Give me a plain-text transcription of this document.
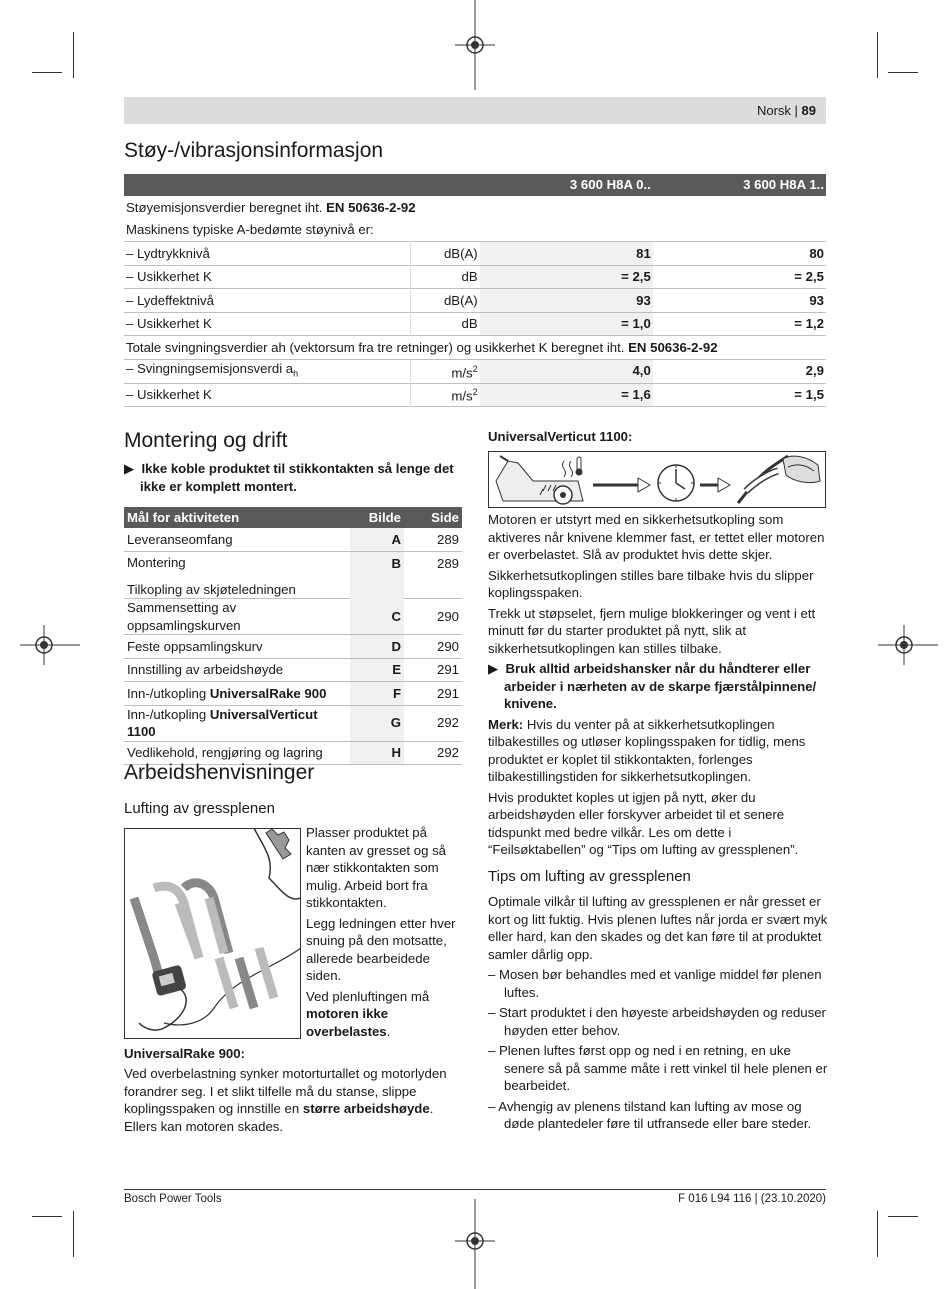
Norsk | 89
Støy-/vibrasjonsinformasjon
		3 600 H8A 0..	3 600 H8A 1..
Støyemisjonsverdier beregnet iht. EN 50636-2-92			
Maskinens typiske A-bedømte støynivå er:			
– Lydtrykknivå	dB(A)	81	80
– Usikkerhet K	dB	= 2,5	= 2,5
– Lydeffektnivå	dB(A)	93	93
– Usikkerhet K	dB	= 1,0	= 1,2
Totale svingningsverdier ah (vektorsum fra tre retninger) og usikkerhet K beregnet iht. EN 50636-2-92			
– Svingningsemisjonsverdi $a_h$	$m/s^2$	4,0	2,9
– Usikkerhet K	$m/s^2$	= 1,6	= 1,5
Montering og drift
▶ Ikke koble produktet til stikkontakten så lenge det ikke er komplett montert.
Mål for aktiviteten	Bilde	Side
Leveranseomfang	A	289
Montering	B	289
Tilkopling av skjøteledningen		
Sammensetting av oppsamlingskurven	C	290
Feste oppsamlingskurv	D	290
Innstilling av arbeidshøyde	E	291
Inn-/utkopling UniversalRake 900	F	291
Inn-/utkopling UniversalVerticut 1100	G	292
Vedlikehold, rengjøring og lagring	H	292
Arbeidshenvisninger
Lufting av gressplenen

Plasser produktet på kanten av gresset og så nær stikkontakten som mulig. Arbeid bort fra stikkontakten.

Legg ledningen etter hver snuing på den motsatte, allerede bearbeidede siden.

Ved plenluftingen må motoren ikke overbelastes.

UniversalRake 900:
Ved overbelastning synker motorturtallet og motorlyden forandrer seg. I et slikt tilfelle må du stanse, slippe koplingsspaken og innstille en større arbeidshøyde. Ellers kan motoren skades.
UniversalVerticut 1100:

Motoren er utstyrt med en sikkerhetsutkopling som aktiveres når knivene klemmer fast, er tettet eller motoren er overbelastet. Slå av produktet hvis dette skjer.

Sikkerhetsutkoplingen stilles bare tilbake hvis du slipper koplingsspaken.

Trekk ut støpselet, fjern mulige blokkeringer og vent i ett minutt før du starter produktet på nytt, slik at sikkerhetsutkoplingen kan stilles tilbake.

▶ Bruk alltid arbeidshansker når du håndterer eller arbeider i nærheten av de skarpe fjærstålpinnene/ knivene.

Merk: Hvis du venter på at sikkerhetsutkoplingen tilbakestilles og utløser koplingsspaken for tidlig, mens produktet er koplet til stikkontakten, forlenges tilbakestillingstiden for sikkerhetsutkoplingen.

Hvis produktet koples ut igjen på nytt, øker du arbeidshøyden eller forskyver arbeidet til et senere tidspunkt med bedre vilkår. Les om dette i “Feilsøktabellen” og “Tips om lufting av gressplenen”.

Tips om lufting av gressplenen

Optimale vilkår til lufting av gressplenen er når gresset er kort og litt fuktig. Hvis plenen luftes når jorda er svært myk eller hard, kan den skades og det kan føre til at produktet samler dårlig opp.

– Mosen bør behandles med et vanlige middel før plenen luftes.

– Start produktet i den høyeste arbeidshøyden og reduser høyden etter behov.

– Plenen luftes først opp og ned i en retning, en uke senere så på samme måte i rett vinkel til hele plenen er bearbeidet.

– Avhengig av plenens tilstand kan lufting av mose og døde plantedeler føre til utfransede eller bare steder.

Bosch Power Tools	F 016 L94 116 | (23.10.2020)
